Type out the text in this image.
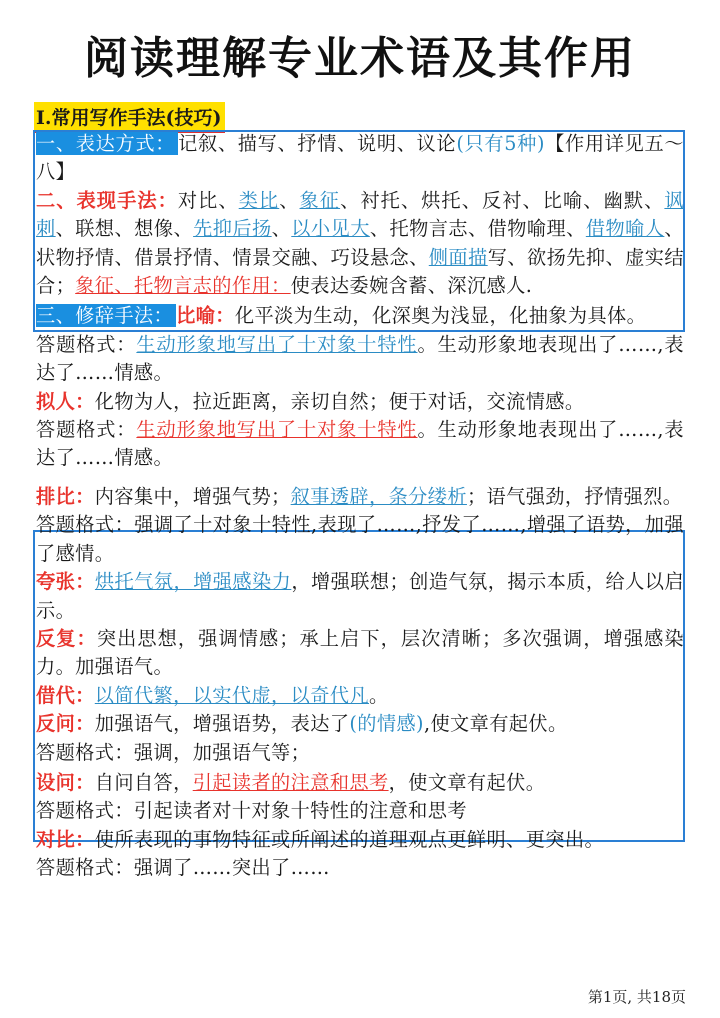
阅读理解专业术语及其作用
I.常用写作手法(技巧)

一、表达方式： 记叙、描写、抒情、说明、议论(只有5种)【作用详见五～八】

二、表现手法：对比、类比、象征、衬托、烘托、反衬、比喻、幽默、讽刺、联想、想像、先抑后扬、以小见大、托物言志、借物喻理、借物喻人、状物抒情、借景抒情、情景交融、巧设悬念、侧面描写、欲扬先抑、虚实结合；象征、托物言志的作用：使表达委婉含蓄、深沉感人.

三、修辞手法： 比喻：化平淡为生动，化深奥为浅显，化抽象为具体。

答题格式：生动形象地写出了十对象十特性。生动形象地表现出了……,表达了……情感。

拟人：化物为人，拉近距离，亲切自然；便于对话，交流情感。

答题格式：生动形象地写出了十对象十特性。生动形象地表现出了……,表达了……情感。

排比：内容集中，增强气势；叙事透辟，条分缕析；语气强劲，抒情强烈。

答题格式：强调了十对象十特性,表现了……,抒发了……,增强了语势，加强了感情。

夸张：烘托气氛，增强感染力，增强联想；创造气氛，揭示本质，给人以启示。

反复：突出思想，强调情感；承上启下，层次清晰；多次强调，增强感染力。加强语气。

借代：以简代繁，以实代虚，以奇代凡。

反问：加强语气，增强语势，表达了(的情感),使文章有起伏。

答题格式：强调，加强语气等；

设问：自问自答，引起读者的注意和思考，使文章有起伏。

答题格式：引起读者对十对象十特性的注意和思考

对比：使所表现的事物特征或所阐述的道理观点更鲜明、更突出。

答题格式：强调了……突出了……

第1页, 共18页
